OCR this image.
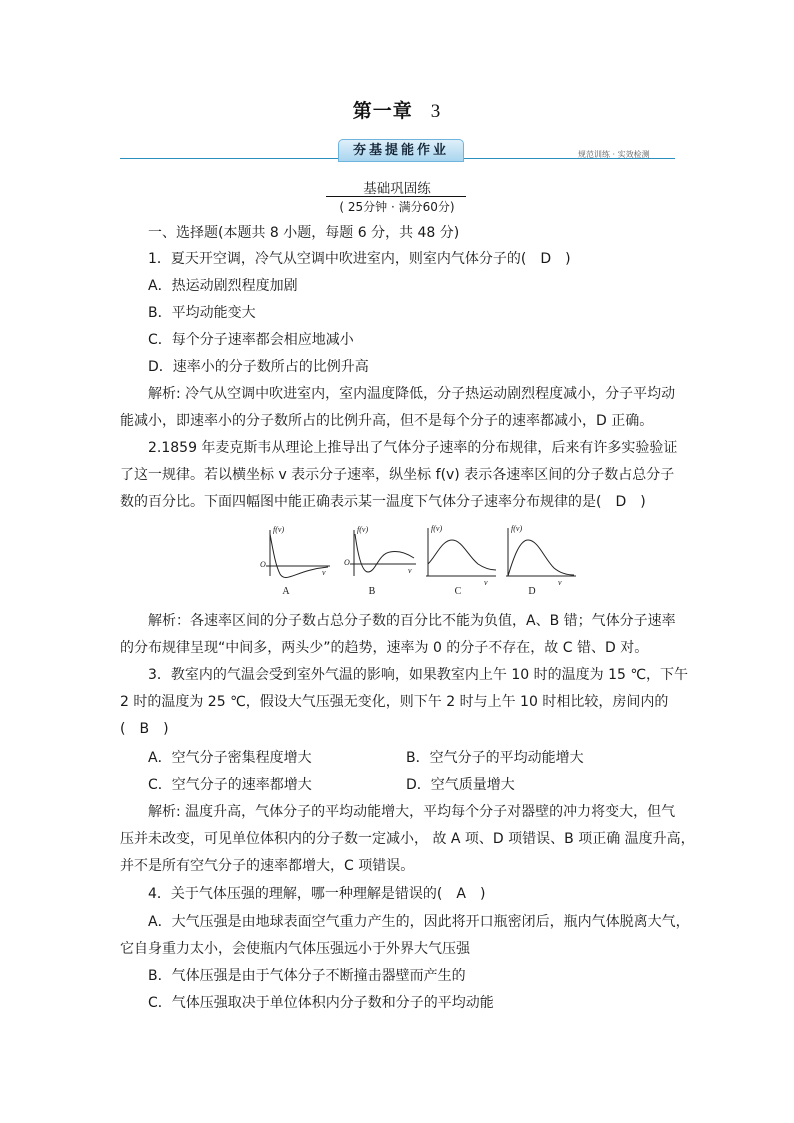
第一章 3
夯基提能作业	规范训练 · 实效检测
基础巩固练
( 25分钟 · 满分60分)
一、选择题(本题共 8 小题，每题 6 分，共 48 分)
1．夏天开空调，冷气从空调中吹进室内，则室内气体分子的(　D　)
A．热运动剧烈程度加剧
B．平均动能变大
C．每个分子速率都会相应地减小
D．速率小的分子数所占的比例升高
解析: 冷气从空调中吹进室内，室内温度降低，分子热运动剧烈程度减小，分子平均动
能减小，即速率小的分子数所占的比例升高，但不是每个分子的速率都减小，D 正确。
2.1859 年麦克斯韦从理论上推导出了气体分子速率的分布规律，后来有许多实验验证
了这一规律。若以横坐标 v 表示分子速率，纵坐标 f(v) 表示各速率区间的分子数占总分子
数的百分比。下面四幅图中能正确表示某一温度下气体分子速率分布规律的是(　D　)
f(v)
O
v
A
f(v)
O
v
B
f(v)
v
C
f(v)
v
D
解析：各速率区间的分子数占总分子数的百分比不能为负值，A、B 错；气体分子速率
的分布规律呈现“中间多，两头少”的趋势，速率为 0 的分子不存在，故 C 错、D 对。
3．教室内的气温会受到室外气温的影响，如果教室内上午 10 时的温度为 15 ℃，下午
2 时的温度为 25 ℃，假设大气压强无变化，则下午 2 时与上午 10 时相比较，房间内的
(　B　)
A．空气分子密集程度增大	B．空气分子的平均动能增大
C．空气分子的速率都增大	D．空气质量增大
解析: 温度升高，气体分子的平均动能增大，平均每个分子对器壁的冲力将变大，但气
压并未改变，可见单位体积内的分子数一定减小， 故 A 项、D 项错误、B 项正确 温度升高，
并不是所有空气分子的速率都增大，C 项错误。
4．关于气体压强的理解，哪一种理解是错误的(　A　)
A．大气压强是由地球表面空气重力产生的，因此将开口瓶密闭后，瓶内气体脱离大气，
它自身重力太小，会使瓶内气体压强远小于外界大气压强
B．气体压强是由于气体分子不断撞击器壁而产生的
C．气体压强取决于单位体积内分子数和分子的平均动能
